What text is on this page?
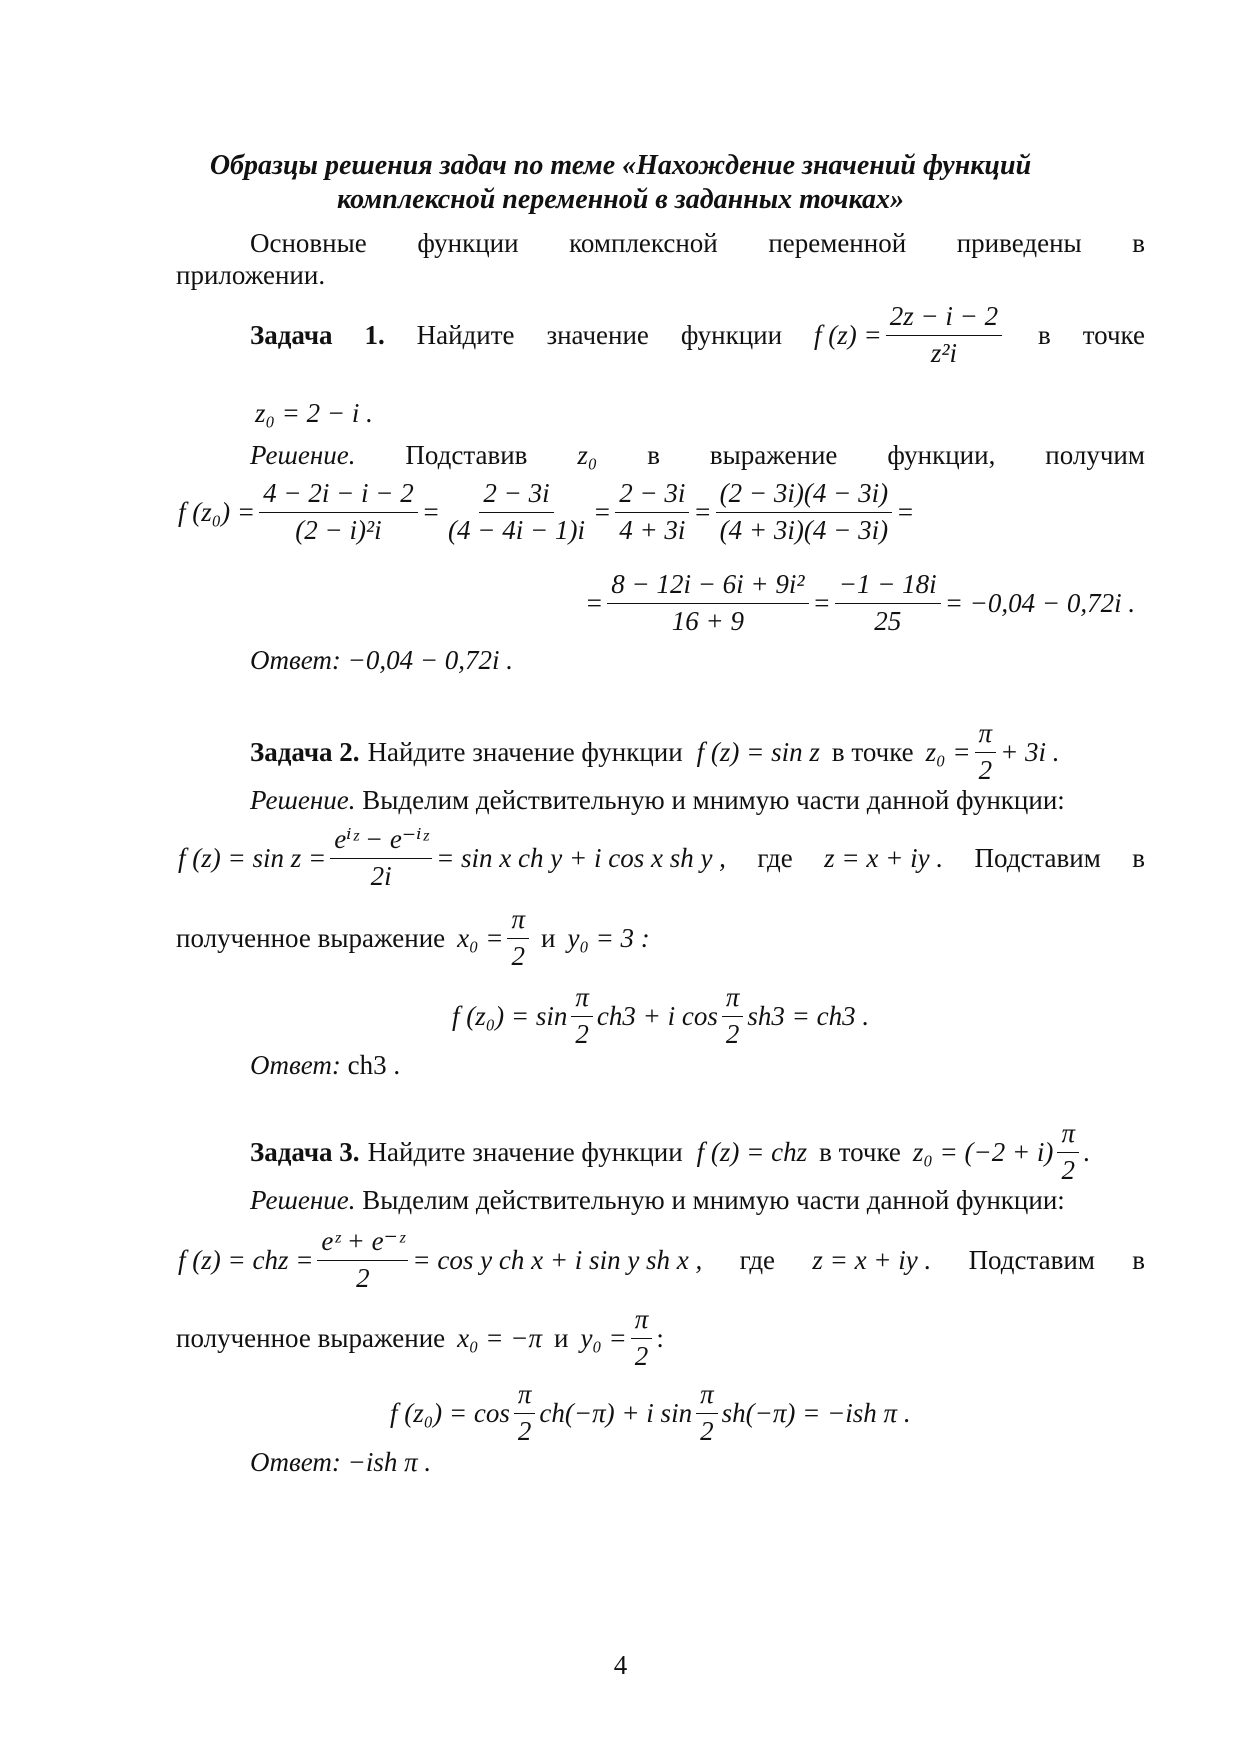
Образцы решения задач по теме «Нахождение значений функций
комплексной переменной в заданных точках»
Основные функции комплексной переменной приведены в
приложении.
Задача 1. Найдите значение функции f $(z) = \frac{2z - i - 2}{\text{z²i}}$ в точке
z₀ = 2 − i .
Решение. Подставив z₀ в выражение функции, получим
f $(z_0) = \frac{4 - 2i - i - 2}{\text{(2 − i)²i}} = \frac{2 - 3i}{(4 - 4i - 1)i} = \frac{2 - 3i}{4 + 3i} = \frac{(2 - 3i)(4 - 3i)}{(4 + 3i)(4 - 3i)}$ =
= $\frac{\text{8 − 12i − 6i + 9i²}}{16 + 9} = \frac{-1 - 18i}{25} = -0,04 - 0,72i$ .
Ответ: −0,04 − 0,72i .
Задача 2. Найдите значение функции f (z) = sin z в точке $z_0 = \frac{\pi}{2} + 3i$ .
Решение. Выделим действительную и мнимую части данной функции:
f $(z) = \sin z = \frac{\text{eⁱᶻ − e⁻ⁱᶻ}}{2i} = \sin x$ ch y + i cos x sh y , где z = x + iy . Подставим в
полученное выражение $x_0 = \frac{\pi}{2}$ и y₀ = 3 :
f $(z_0) = \sin \frac{\pi}{2} ch3 + i$ $\cos \frac{\pi}{2} sh3 = ch3$ .
Ответ: ch3 .
Задача 3. Найдите значение функции f (z) = chz в точке $z_0 = (-2 + i) \frac{\pi}{2}$ .
Решение. Выделим действительную и мнимую части данной функции:
f (z) = chz = $\frac{\text{eᶻ + e⁻ᶻ}}{2} = \cos y$ ch x + i sin y sh x , где z = x + iy . Подставим в
полученное выражение x₀ = −π и $y_0 = \frac{\pi}{2}$ :
f $(z_0) = \cos \frac{\pi}{2} ch(-\pi) + i$ $\sin \frac{\pi}{2} sh(-\pi) = -ish$ π .
Ответ: −ish π .
4
